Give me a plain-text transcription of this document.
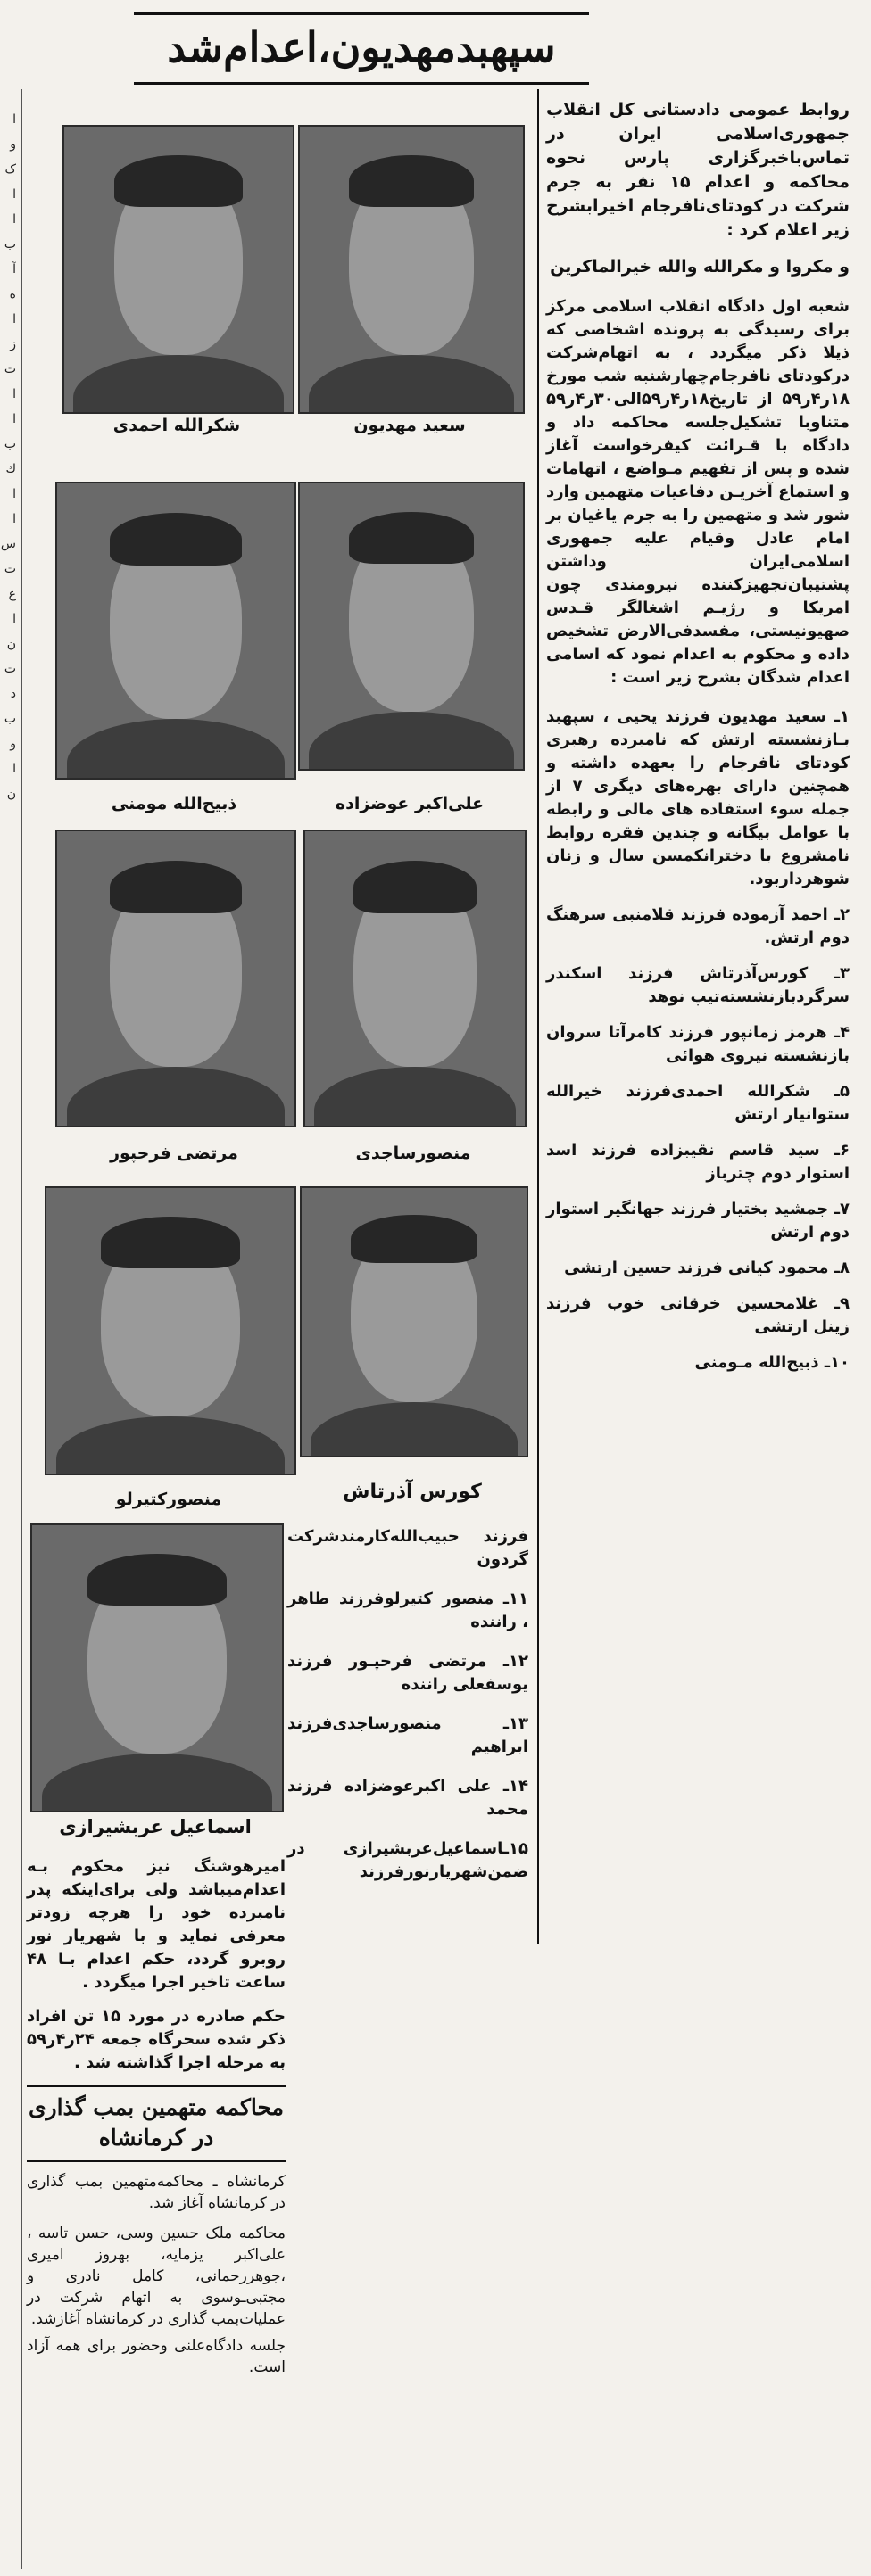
ا
و
ک
ا
ا
ب
آ
ه
ا
ز
ت
ا
ا
ب
ك
ا
ا
س
ت
ع
ا
ن
ت
د
ب
و
ا
ن
سپهبدمهدیون،اعدام‌شد
سعید مهدیون
شکرالله احمدی
علی‌اکبر عوضزاده
ذبیح‌الله مومنی
منصورساجدی
مرتضی فرحپور
کورس آذرتاش
منصورکتیرلو
اسماعیل عربشیرازی
روابط عمومی دادستانی کل انقلاب جمهوری‌اسلامی ایران در تماس‌باخبرگزاری پارس نحوه محاکمه و اعدام ۱۵ نفر به جرم شرکت در کودتای‌نافرجام اخیر‌ا‌بشرح زیر اعلام کرد :
و مکروا و مکرالله والله خیرالماکرین
شعبه اول دادگاه انقلاب اسلامی مرکز برای رسیدگی به پرونده اشخاصی که ذیلا ذکر میگردد ، به اتهام‌شرکت درکودتای نافرجام‌چهارشنبه شب مورخ ۱۸ر۴ر۵۹ از تاریخ۱۸ر۴ر۵۹الی۳۰ر۴ر۵۹ متناوبا تشکیل‌جلسه محاکمه داد و دادگاه با قـرائت کیفرخواست آغاز شده و پس از تفهیم مـواضع ، اتهامات و استماع آخریـن دفاعیات متهمین وارد شور شد و متهمین را به جرم یاغیان بر امام عادل وقیام علیه جمهوری اسلامی‌ایران وداشتن پشتیبان‌تجهیزکننده نیرومندی چون امریکا و رژیـم اشغالگر قـدس صهیونیستی، مفسدفی‌الارض تشخیص داده و محکوم به اعدام نمود که اسامی اعدام شدگان بشرح زیر است :
۱ـ سعید مهدیون فرزند یحیی ، سپهبد بـازنشسته ارتش که نامبرده رهبری کودتای نافرجام را بعهده داشته و همچنین دارای بهره‌های دیگری ۷ از جمله سوء استفاده های مالی و رابطه با عوامل بیگانه و چندین فقره روابط نامشروع با دخترانکمسن سال و زنان شوهرداربود.
۲ـ احمد آزموده فرزند قلامنبی سرهنگ دوم ارتش.
۳ـ کورس‌آذرتاش فرزند اسکندر سرگردبازنشسته‌تیپ نوهد
۴ـ هرمز زمانپور فرزند کامرآتا سروان بازنشسته نیروی هوائی
۵ـ شکرالله احمدی‌فرزند خیرالله ستوانیار ارتش
۶ـ سید قاسم نقیبزاده فرزند اسد استوار دوم چترباز
۷ـ جمشید بختیار فرزند جهانگیر استوار دوم ارتش
۸ـ محمود کیانی فرزند حسین ارتشی
۹ـ غلامحسین خرقانی خوب فرزند زینل ارتشی
۱۰ـ ذبیح‌الله مـومنی
فرزند حبیب‌الله‌کارمندشرکت گردون
۱۱ـ منصور کتیرلوفرزند طاهر ، راننده
۱۲ـ مرتضی فرحپـور فرزند یوسفعلی راننده
۱۳ـ منصورساجدی‌فرزند ابراهیم
۱۴ـ علی اکبرعوضزاده فرزند محمد
۱۵ـاسماعیل‌عربشیرازی در ضمن‌شهریارنورفرزند
امیرهوشنگ نیز محکوم بـه اعدام‌میباشد ولی برای‌اینکه پدر نامبرده خود را هرچه زودتر معرفی نماید و با شهریار نور روبرو گردد، حکم اعدام بـا ۴۸ ساعت تاخیر اجرا میگردد .
حکم صادره در مورد ۱۵ تن افراد ذکر شده سحرگاه جمعه ۲۴ر۴ر۵۹ به مرحله اجرا گذاشته شد .
محاکمه متهمین بمب گذاری در کرمانشاه
کرمانشاه ـ محاکمه‌متهمین بمب گذاری در کرمانشاه آغاز شد.
محاکمه ملک حسین وسی، حسن تاسه ، علی‌اکبر یزمایه، بهروز امیری ،جوهررحمانی، کامل نادری و مجتبی‌ـوسوی به اتهام شرکت در عملیات‌بمب گذاری در کرمانشاه آغازشد.
جلسه دادگاه‌علنی وحضور برای همه آزاد است.
